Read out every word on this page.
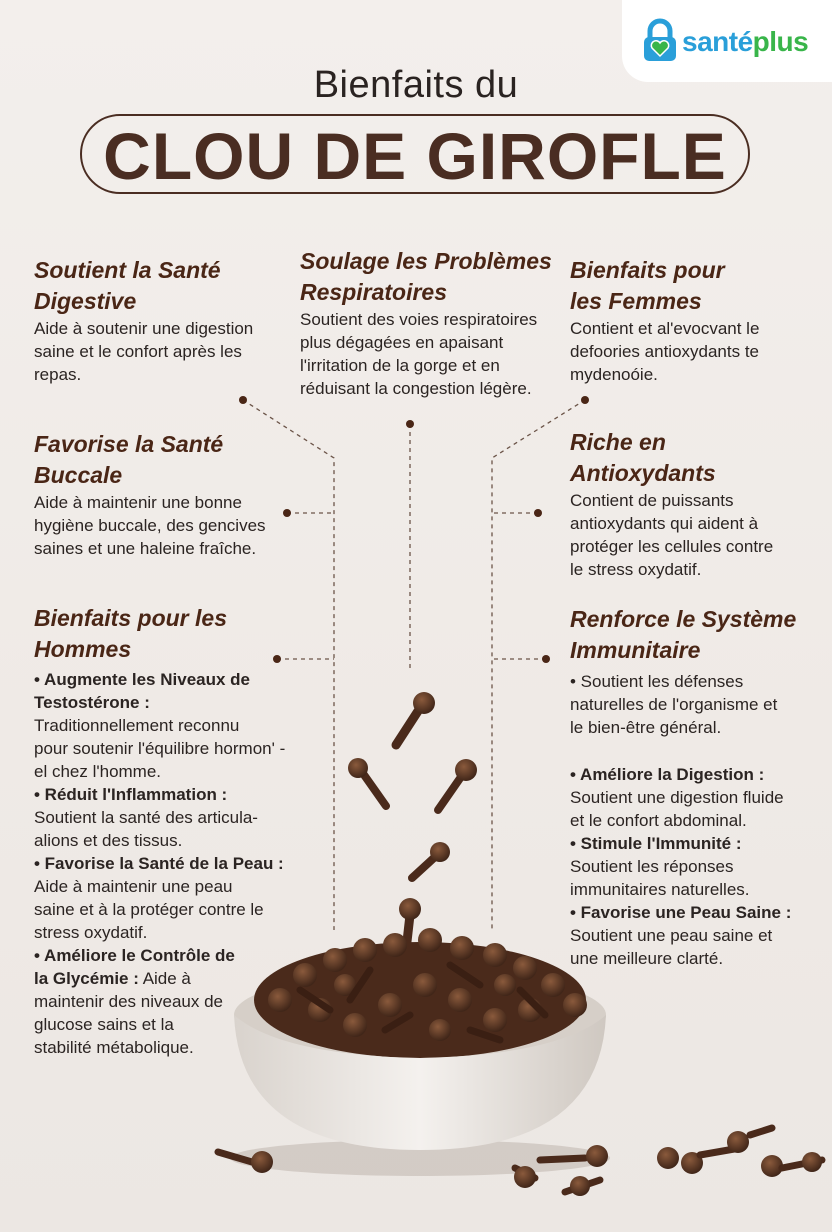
santéplus
Bienfaits du
CLOU DE GIROFLE

Soutient la Santé
Digestive

Aide à soutenir une digestion
saine et le confort après les
repas.

Soulage les Problèmes
Respiratoires

Soutient des voies respiratoires
plus dégagées en apaisant
l'irritation de la gorge et en
réduisant la congestion légère.

Bienfaits pour
les Femmes

Contient et al'evocvant le
defoories antioxydants te
mydenoóie.

Favorise la Santé
Buccale

Aide à maintenir une bonne
hygiène buccale, des gencives
saines et une haleine fraîche.

Riche en
Antioxydants

Contient de puissants
antioxydants qui aident à
protéger les cellules contre
le stress oxydatif.

Bienfaits pour les
Hommes

• Augmente les Niveaux de
Testostérone :
Traditionnellement reconnu
pour soutenir l'équilibre hormon' -
el chez l'homme.
• Réduit l'Inflammation :
Soutient la santé des articula-
alions et des tissus.
• Favorise la Santé de la Peau :
Aide à maintenir une peau
saine et à la protéger contre le
stress oxydatif.
• Améliore le Contrôle de
la Glycémie : Aide à
maintenir des niveaux de
glucose sains et la
stabilité métabolique.

Renforce le Système
Immunitaire

• Soutient les défenses
naturelles de l'organisme et
le bien-être général.

• Améliore la Digestion :
Soutient une digestion fluide
et le confort abdominal.
• Stimule l'Immunité :
Soutient les réponses
immunitaires naturelles.
• Favorise une Peau Saine :
Soutient une peau saine et
une meilleure clarté.
